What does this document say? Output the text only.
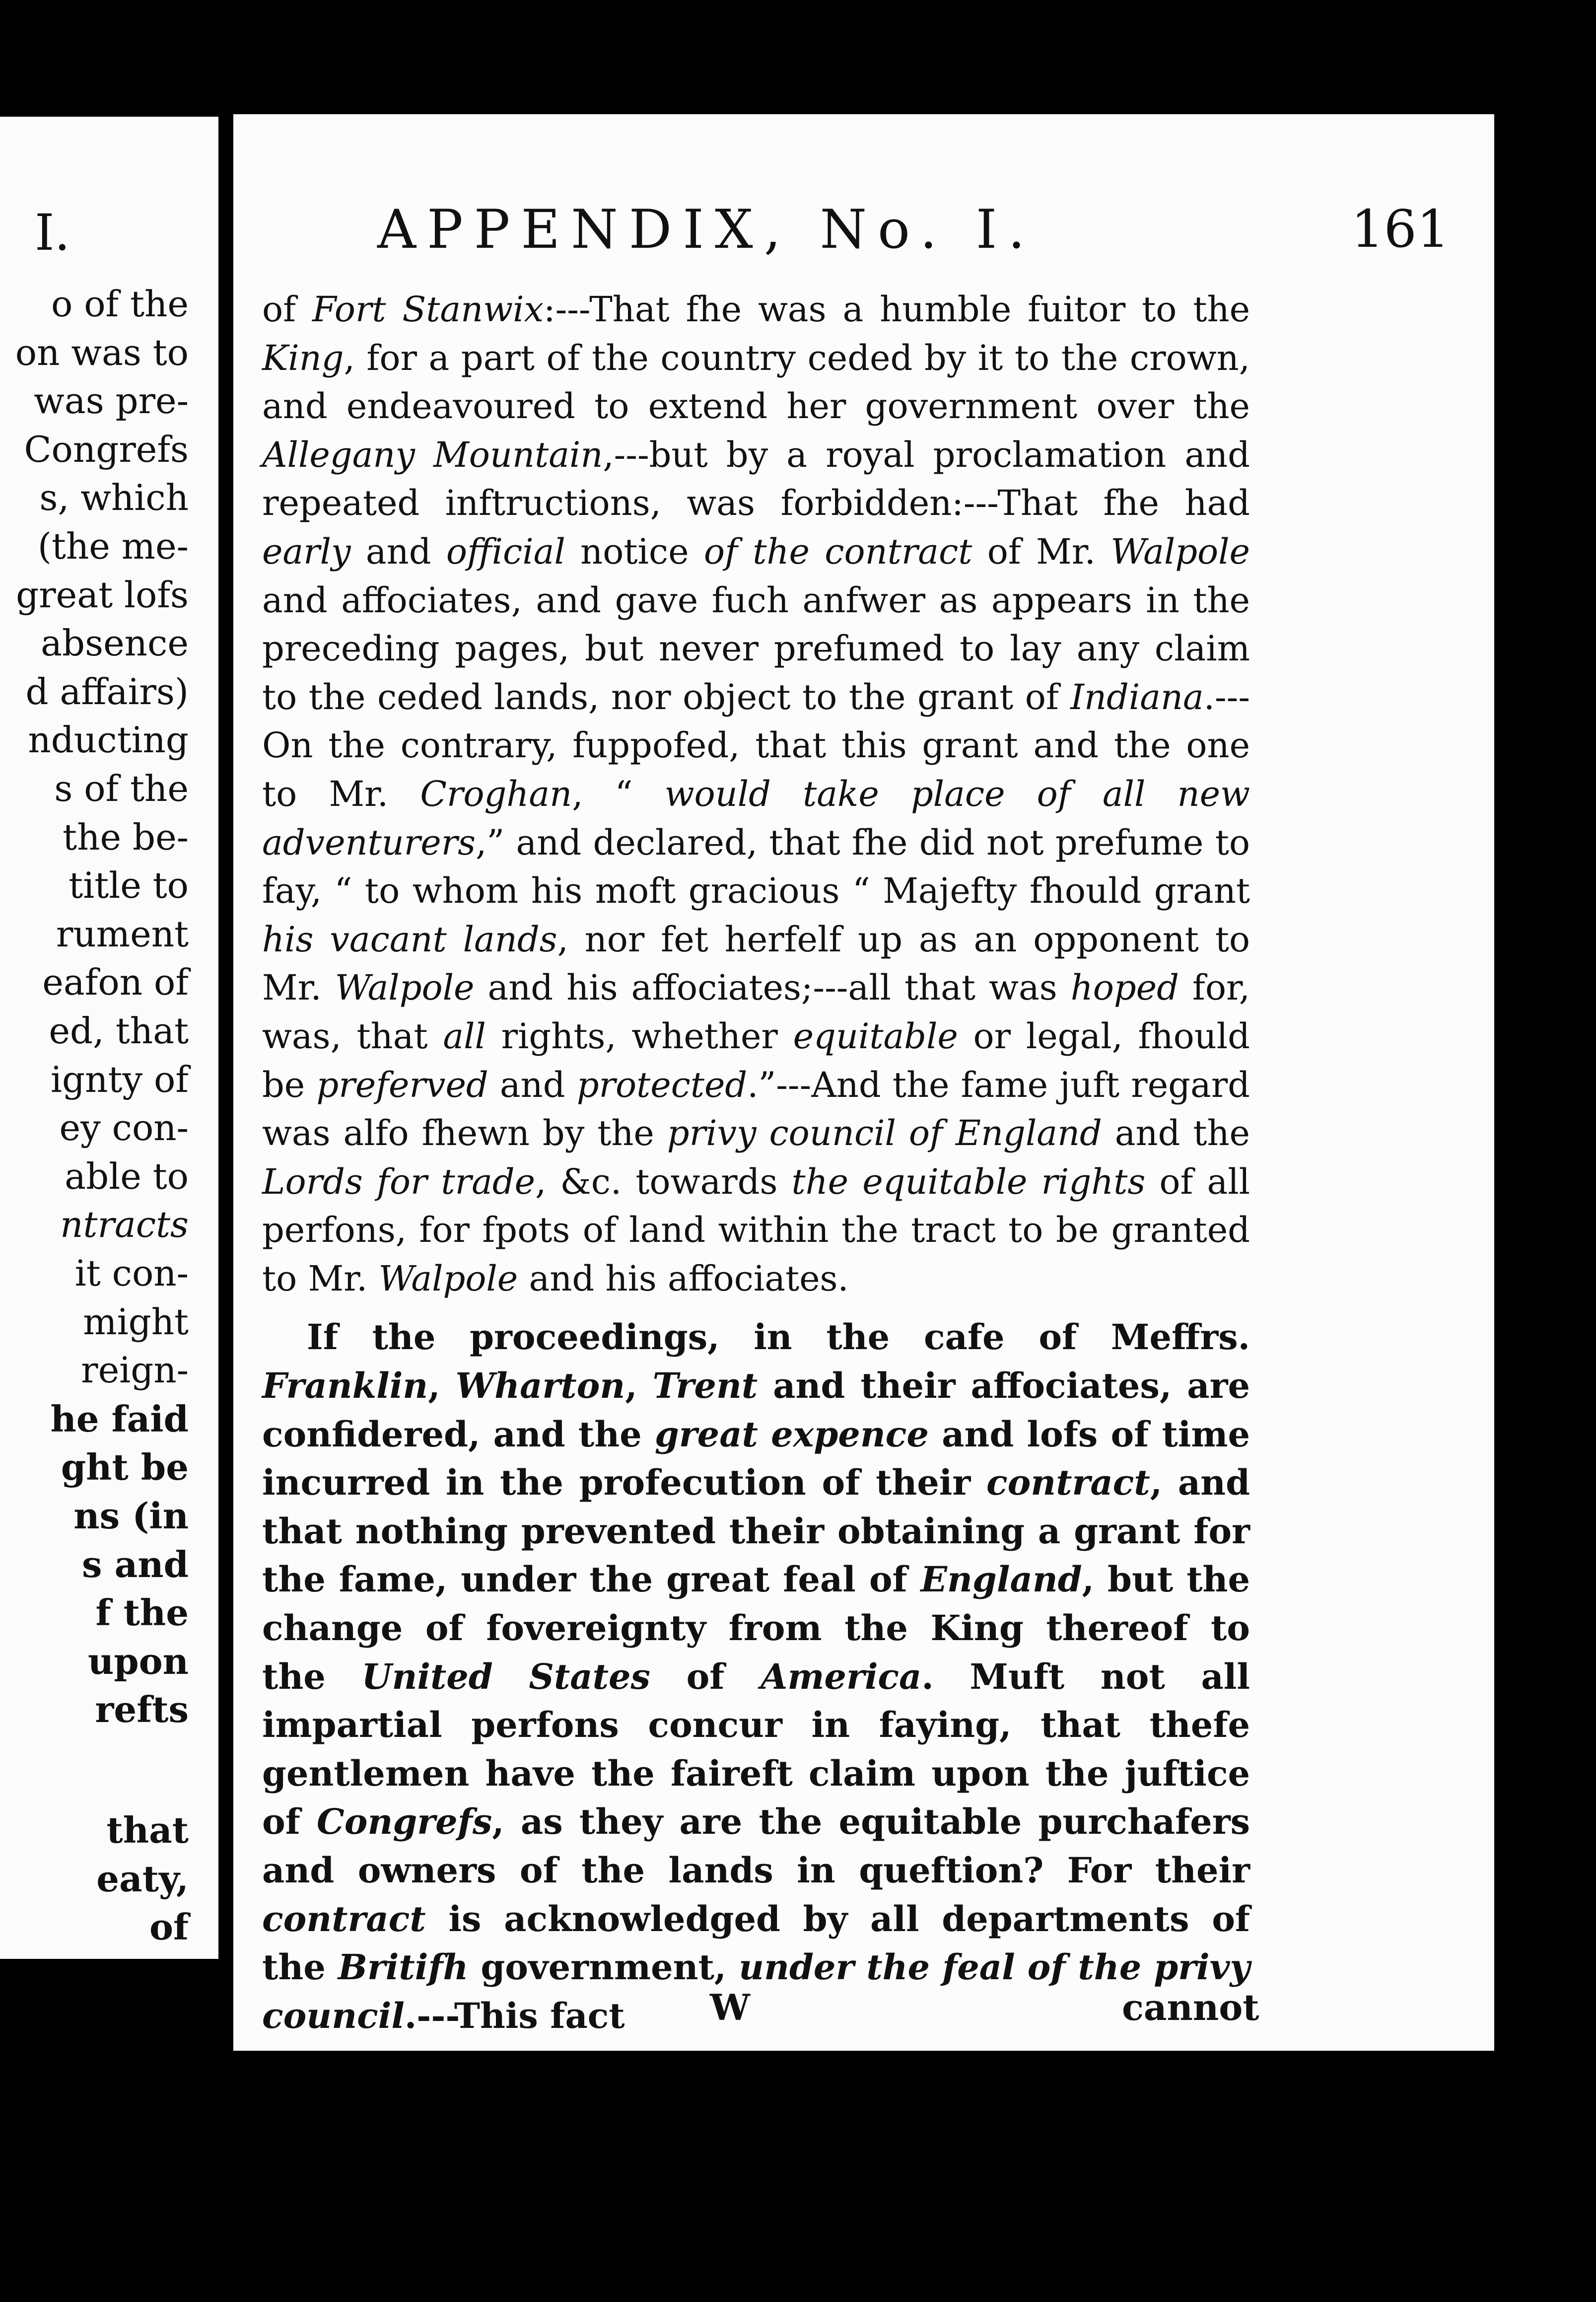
I.
o of the
on was to
was pre-
Congrefs
s, which
(the me-
great lofs
absence
d affairs)
nducting
s of the
the be-
title to
rument
eafon of
ed, that
ignty of
ey con-
able to
ntracts
it con-
might
reign-
he faid
ght be
ns (in
s and
f the
upon
refts
that
eaty,
of
APPENDIX, No. I.	161

of Fort Stanwix:---That fhe was a humble fuitor to the King, for a part of the country ceded by it to the crown, and endeavoured to extend her government over the Allegany Mountain,---but by a royal proclamation and repeated inftructions, was forbidden:---That fhe had early and official notice of the contract of Mr. Walpole and affociates, and gave fuch anfwer as appears in the preceding pages, but never prefumed to lay any claim to the ceded lands, nor object to the grant of Indiana.---On the contrary, fuppofed, that this grant and the one to Mr. Croghan, “ would take place of all new adventurers,” and declared, that fhe did not prefume to fay, “ to whom his moft gracious “ Majefty fhould grant his vacant lands, nor fet herfelf up as an opponent to Mr. Walpole and his affociates;---all that was hoped for, was, that all rights, whether equitable or legal, fhould be preferved and protected.”---And the fame juft regard was alfo fhewn by the privy council of England and the Lords for trade, &c. towards the equitable rights of all perfons, for fpots of land within the tract to be granted to Mr. Walpole and his affociates.

If the proceedings, in the cafe of Meffrs. Franklin, Wharton, Trent and their affociates, are confidered, and the great expence and lofs of time incurred in the profecution of their contract, and that nothing prevented their obtaining a grant for the fame, under the great feal of England, but the change of fovereignty from the King thereof to the United States of America. Muft not all impartial perfons concur in faying, that thefe gentlemen have the faireft claim upon the juftice of Congrefs, as they are the equitable purchafers and owners of the lands in queftion? For their contract is acknowledged by all departments of the Britifh government, under the feal of the privy council.---This fact	W	cannot
